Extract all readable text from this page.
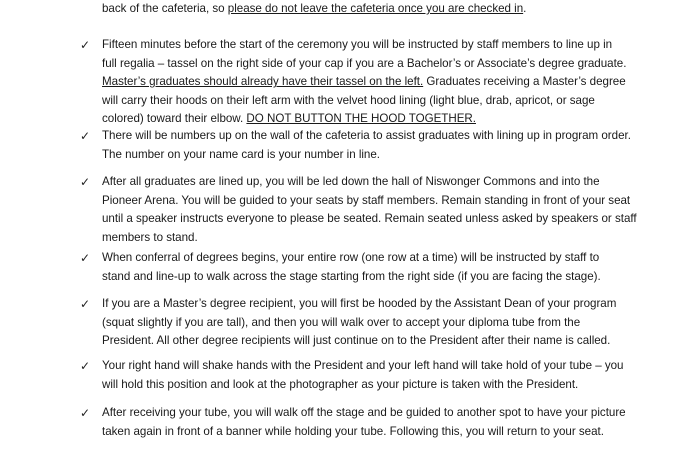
back of the cafeteria, so please do not leave the cafeteria once you are checked in.
✓ Fifteen minutes before the start of the ceremony you will be instructed by staff members to line up in
full regalia – tassel on the right side of your cap if you are a Bachelor’s or Associate’s degree graduate.
Master’s graduates should already have their tassel on the left. Graduates receiving a Master’s degree
will carry their hoods on their left arm with the velvet hood lining (light blue, drab, apricot, or sage
colored) toward their elbow. DO NOT BUTTON THE HOOD TOGETHER.
✓ There will be numbers up on the wall of the cafeteria to assist graduates with lining up in program order.
The number on your name card is your number in line.
✓ After all graduates are lined up, you will be led down the hall of Niswonger Commons and into the
Pioneer Arena. You will be guided to your seats by staff members. Remain standing in front of your seat
until a speaker instructs everyone to please be seated. Remain seated unless asked by speakers or staff
members to stand.
✓ When conferral of degrees begins, your entire row (one row at a time) will be instructed by staff to
stand and line-up to walk across the stage starting from the right side (if you are facing the stage).
✓ If you are a Master’s degree recipient, you will first be hooded by the Assistant Dean of your program
(squat slightly if you are tall), and then you will walk over to accept your diploma tube from the
President. All other degree recipients will just continue on to the President after their name is called.
✓ Your right hand will shake hands with the President and your left hand will take hold of your tube – you
will hold this position and look at the photographer as your picture is taken with the President.
✓ After receiving your tube, you will walk off the stage and be guided to another spot to have your picture
taken again in front of a banner while holding your tube. Following this, you will return to your seat.
